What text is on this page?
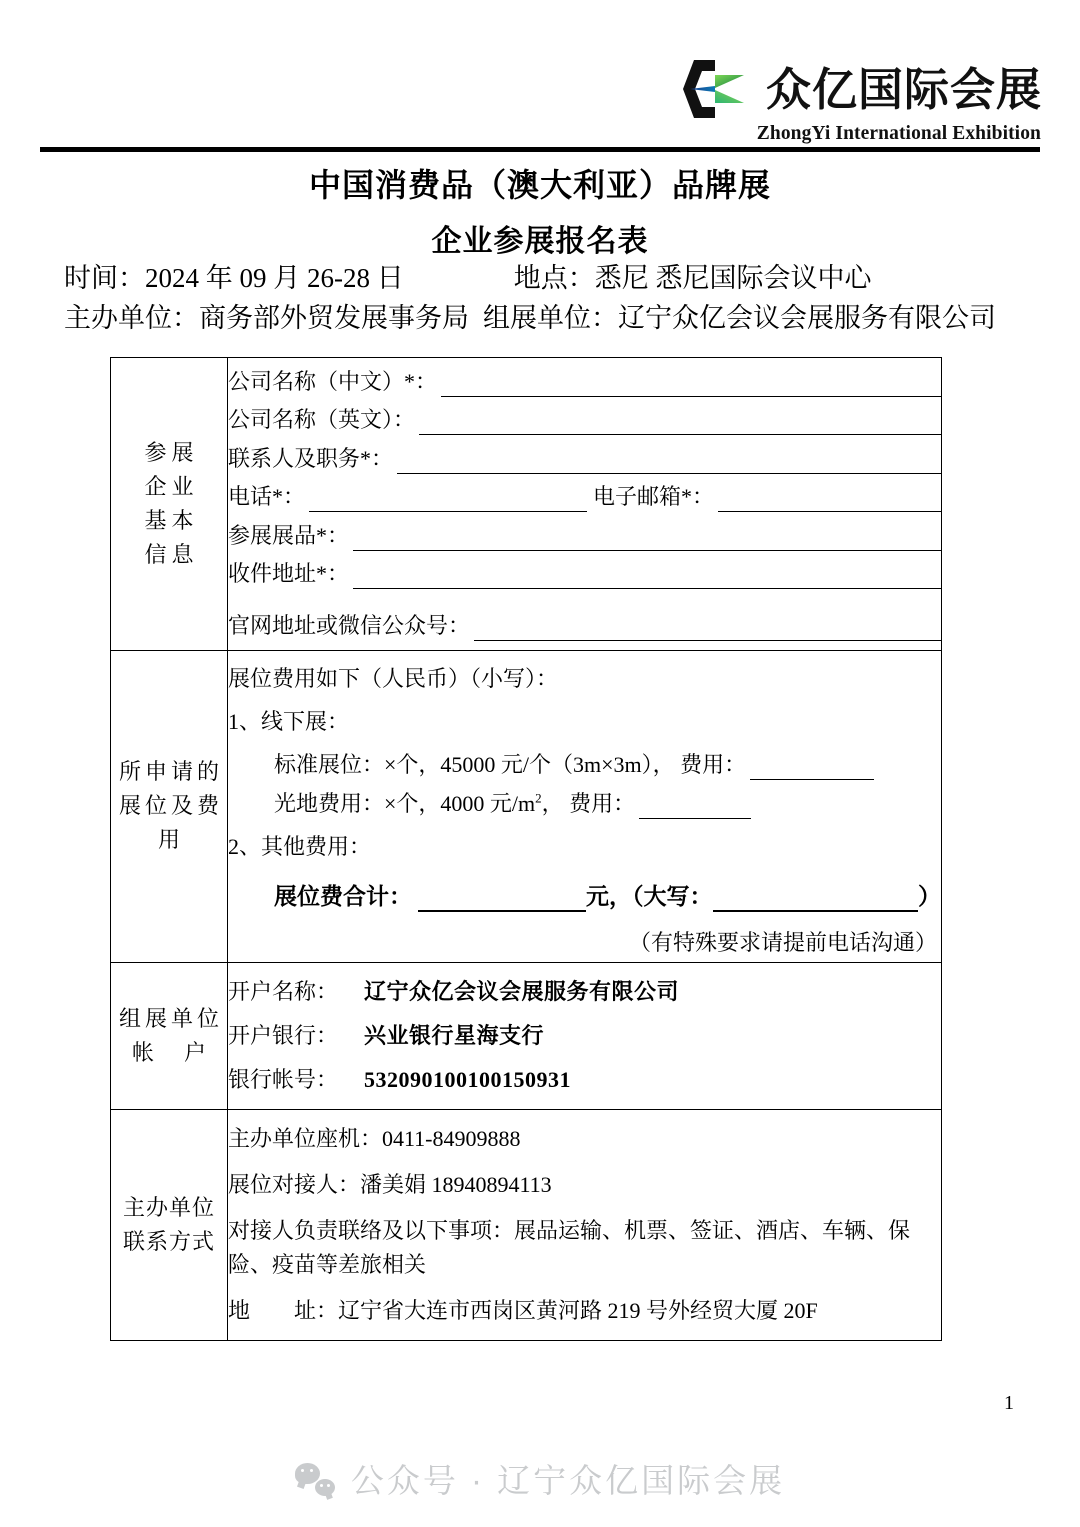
众亿国际会展
ZhongYi International Exhibition
中国消费品（澳大利亚）品牌展
企业参展报名表
时间：2024 年 09 月 26-28 日	地点：悉尼 悉尼国际会议中心
主办单位：商务部外贸发展事务局 组展单位：辽宁众亿会议会展服务有限公司
参展
企业
基本
信息

公司名称（中文）*：
公司名称（英文）：
联系人及职务*：
电话*：	电子邮箱*：
参展展品*：
收件地址*：
官网地址或微信公众号：

所申请的
展位及费
用

展位费用如下（人民币）（小写）：
1、线下展：
标准展位：×个，45000 元/个（3m×3m）， 费用：
光地费用：×个，4000 元$/m^2$， 费用：
2、其他费用：
展位费合计：	元，（大写：	）
（有特殊要求请提前电话沟通）

组展单位
帐　户

开户名称： 辽宁众亿会议会展服务有限公司
开户银行： 兴业银行星海支行
银行帐号： 532090100100150931

主办单位
联系方式

主办单位座机：0411-84909888
展位对接人：潘美娟 18940894113
对接人负责联络及以下事项：展品运输、机票、签证、酒店、车辆、保险、疫苗等差旅相关
地　　址：辽宁省大连市西岗区黄河路 219 号外经贸大厦 20F
1
公众号 · 辽宁众亿国际会展
